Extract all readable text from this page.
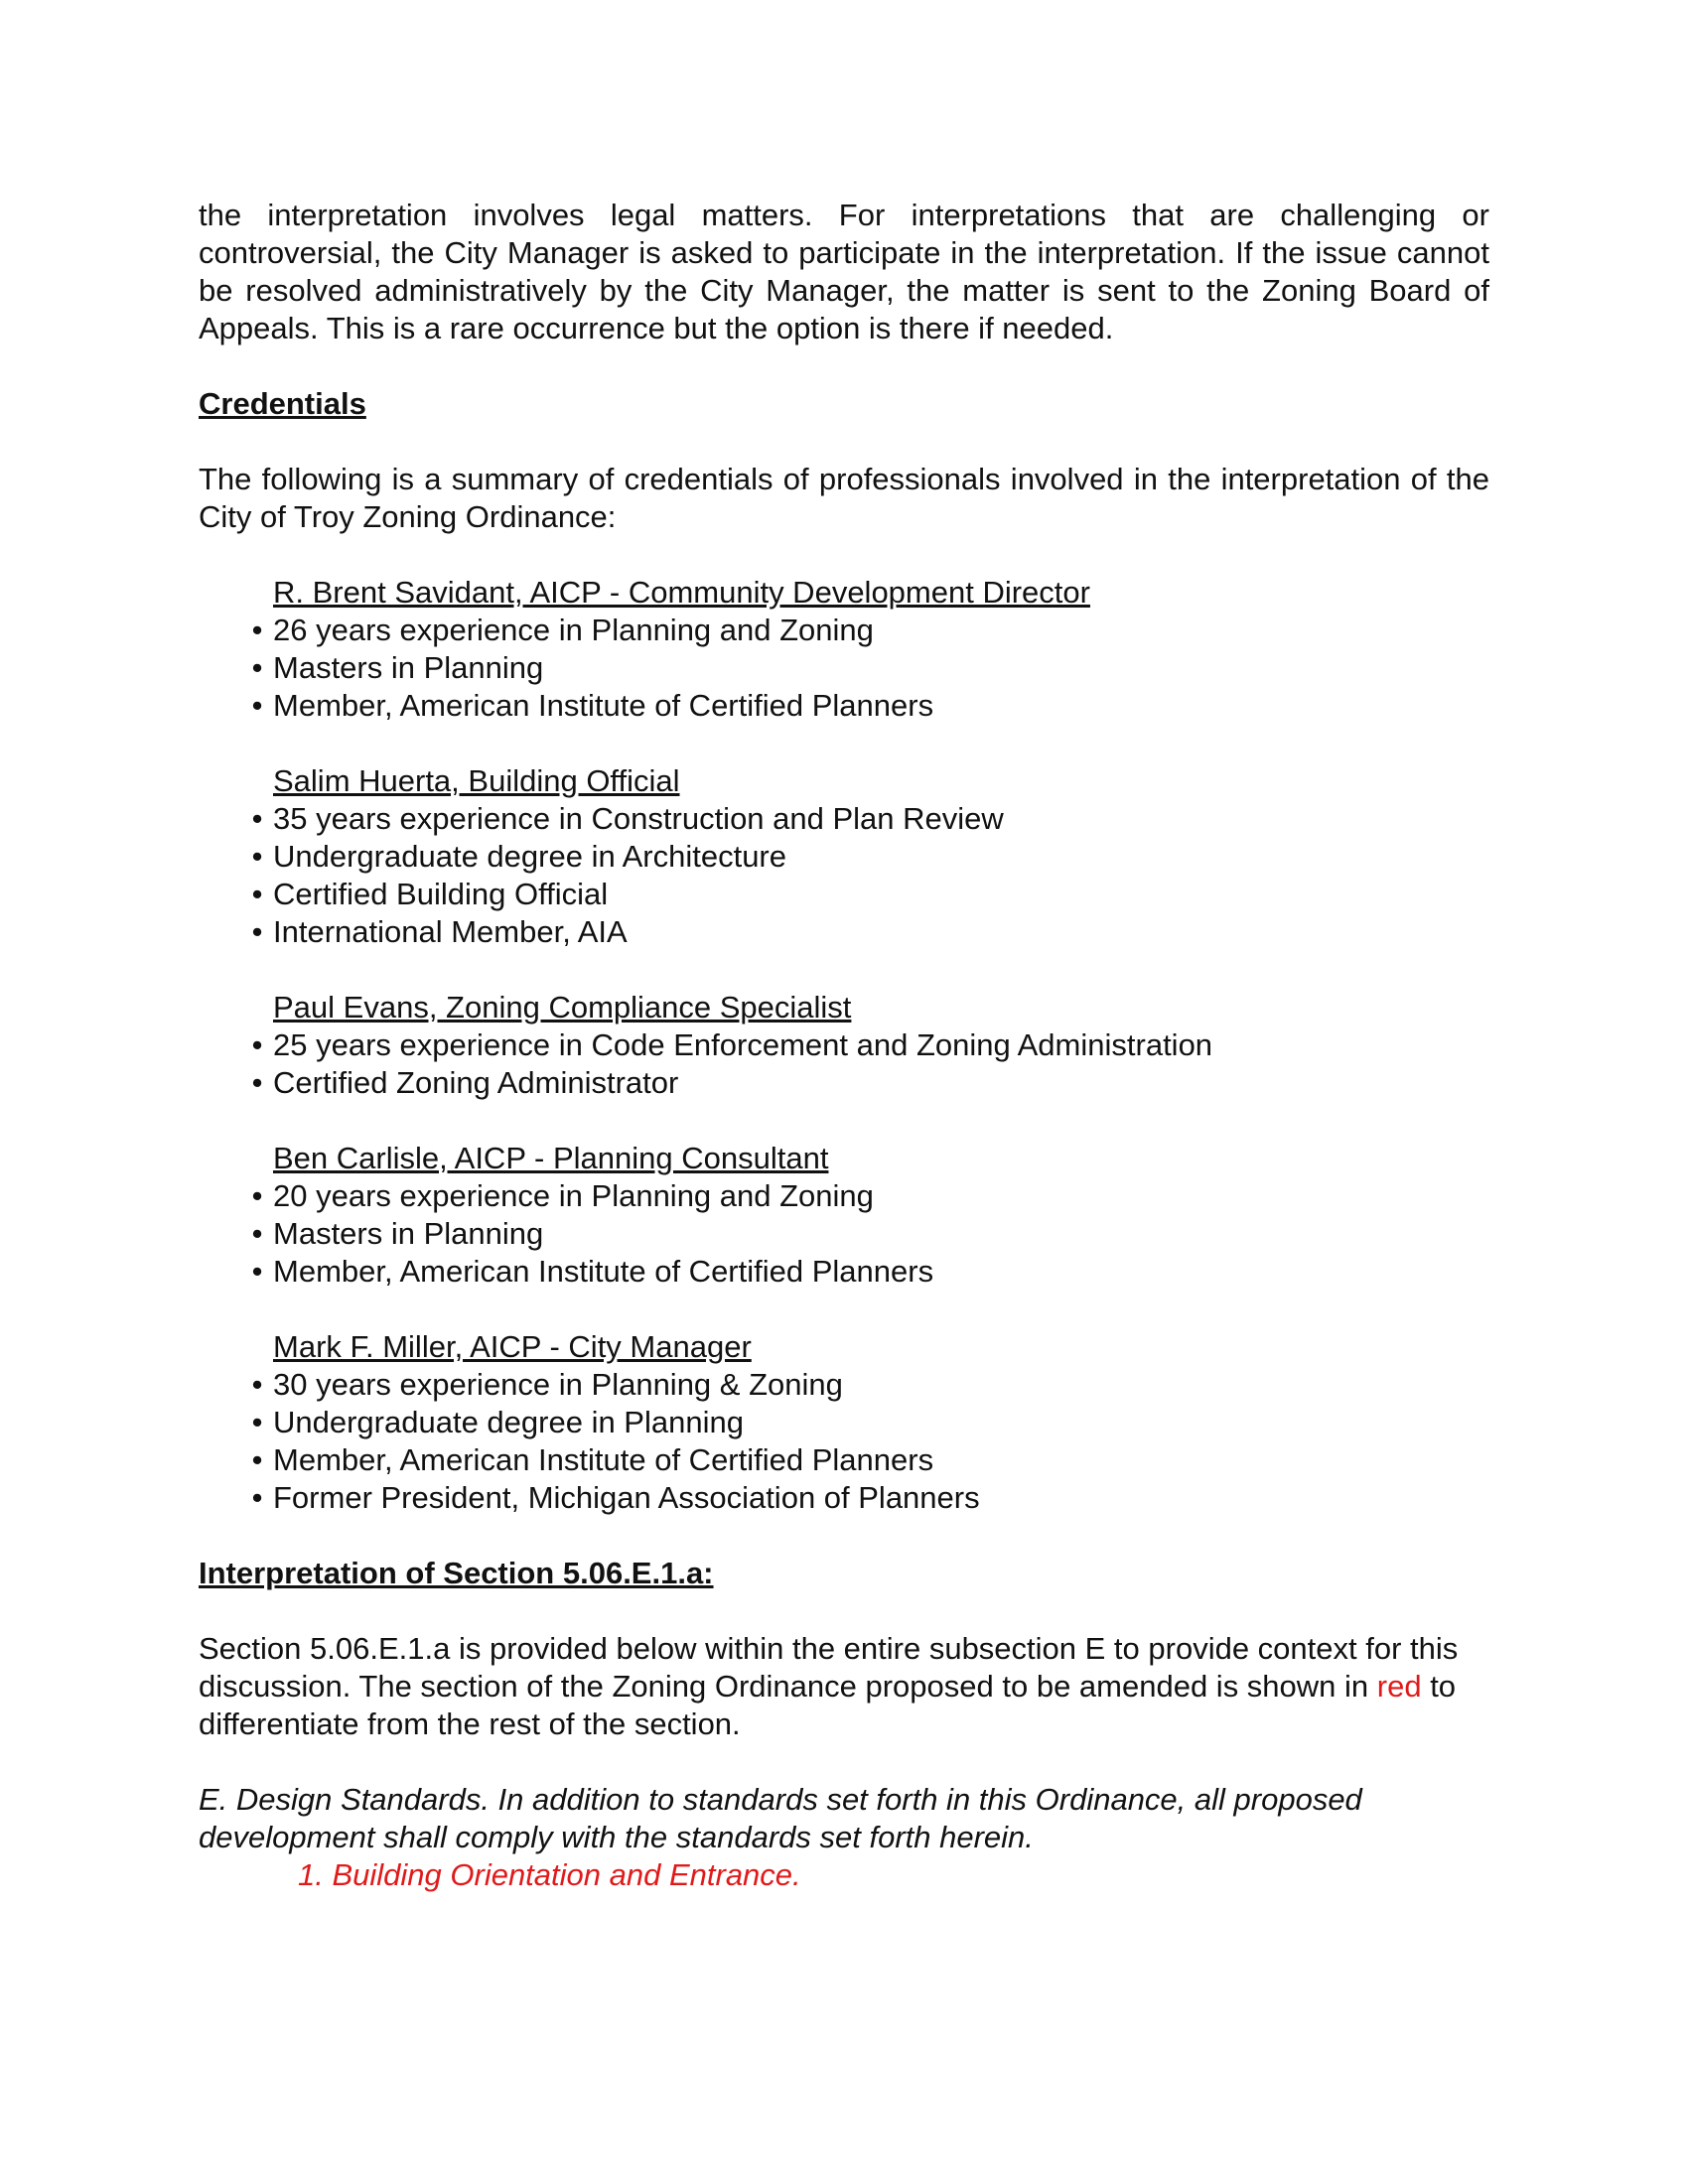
the interpretation involves legal matters. For interpretations that are challenging or controversial, the City Manager is asked to participate in the interpretation. If the issue cannot be resolved administratively by the City Manager, the matter is sent to the Zoning Board of Appeals. This is a rare occurrence but the option is there if needed.

Credentials

The following is a summary of credentials of professionals involved in the interpretation of the City of Troy Zoning Ordinance:

R. Brent Savidant, AICP - Community Development Director

• 26 years experience in Planning and Zoning
• Masters in Planning
• Member, American Institute of Certified Planners

Salim Huerta, Building Official

• 35 years experience in Construction and Plan Review
• Undergraduate degree in Architecture
• Certified Building Official
• International Member, AIA

Paul Evans, Zoning Compliance Specialist

• 25 years experience in Code Enforcement and Zoning Administration
• Certified Zoning Administrator

Ben Carlisle, AICP - Planning Consultant

• 20 years experience in Planning and Zoning
• Masters in Planning
• Member, American Institute of Certified Planners

Mark F. Miller, AICP - City Manager

• 30 years experience in Planning & Zoning
• Undergraduate degree in Planning
• Member, American Institute of Certified Planners
• Former President, Michigan Association of Planners

Interpretation of Section 5.06.E.1.a:

Section 5.06.E.1.a is provided below within the entire subsection E to provide context for this discussion. The section of the Zoning Ordinance proposed to be amended is shown in red to differentiate from the rest of the section.

E. Design Standards. In addition to standards set forth in this Ordinance, all proposed development shall comply with the standards set forth herein.

1. Building Orientation and Entrance.
